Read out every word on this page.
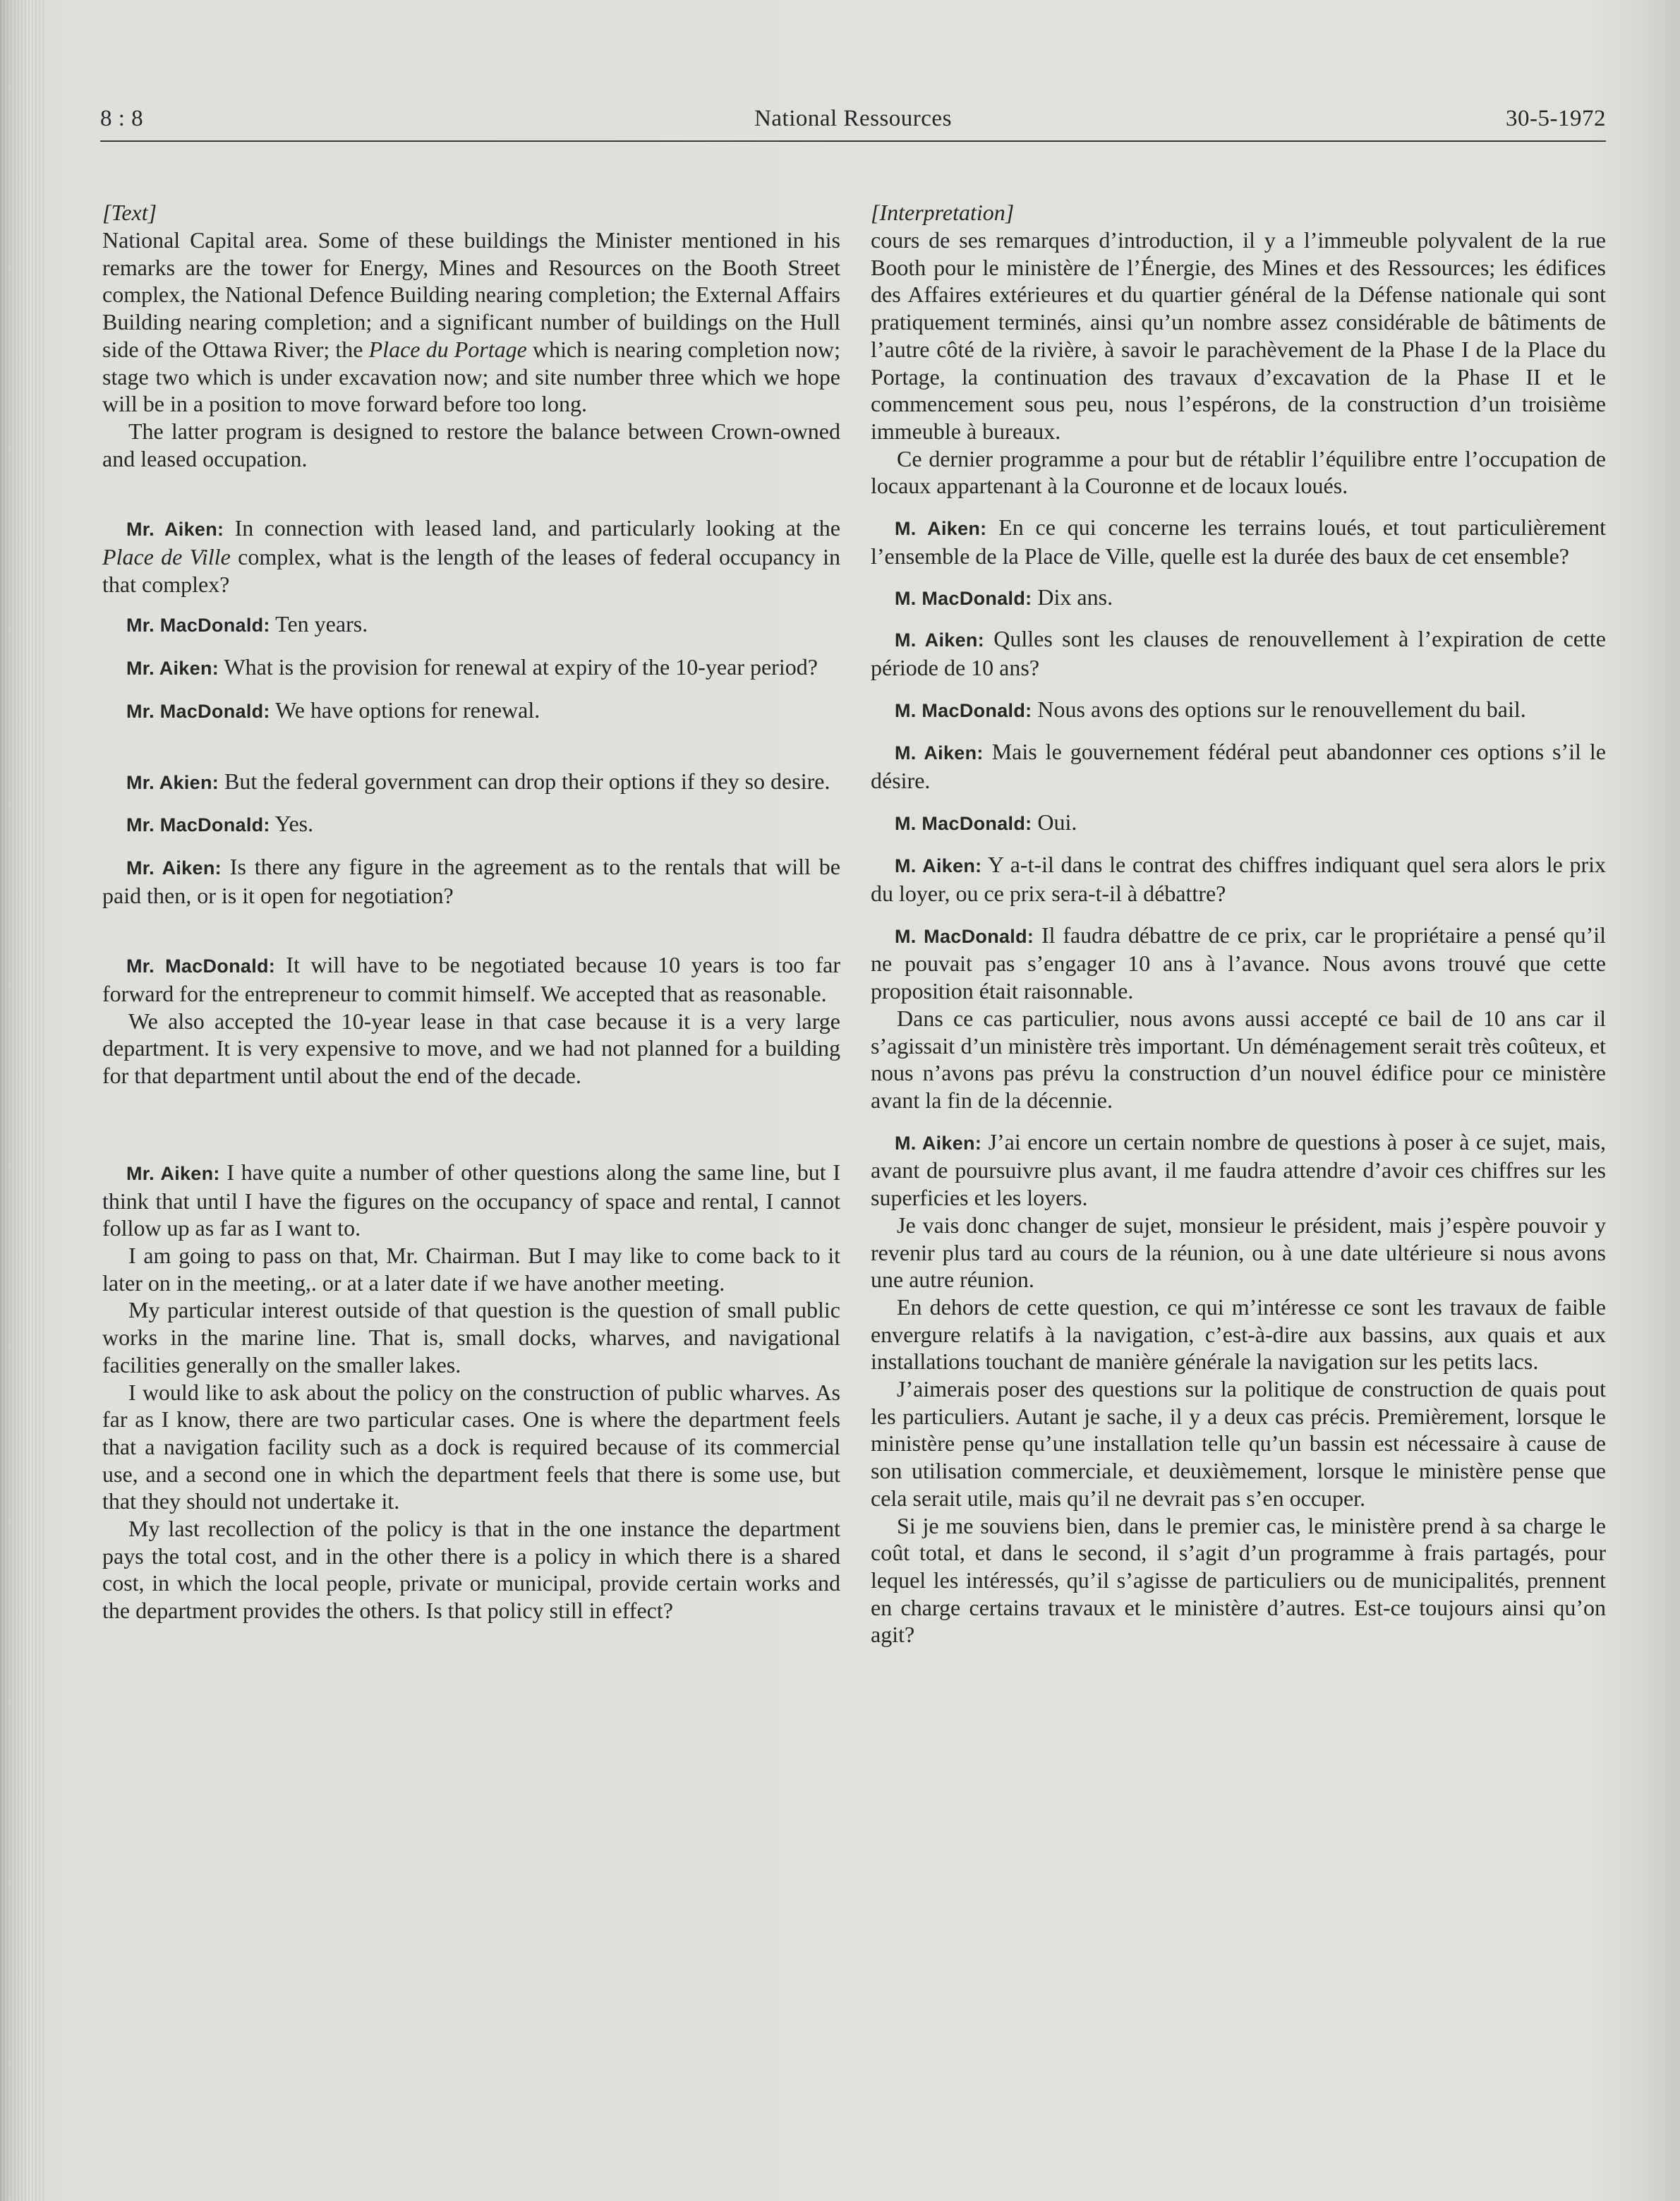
8 : 8	National Ressources	30-5-1972

[Text]

National Capital area. Some of these buildings the Minister mentioned in his remarks are the tower for Energy, Mines and Resources on the Booth Street complex, the National Defence Building nearing completion; the External Affairs Building nearing completion; and a significant number of buildings on the Hull side of the Ottawa River; the Place du Portage which is nearing completion now; stage two which is under excavation now; and site number three which we hope will be in a position to move forward before too long.

The latter program is designed to restore the balance between Crown-owned and leased occupation.

Mr. Aiken: In connection with leased land, and particularly looking at the Place de Ville complex, what is the length of the leases of federal occupancy in that complex?

Mr. MacDonald: Ten years.

Mr. Aiken: What is the provision for renewal at expiry of the 10-year period?

Mr. MacDonald: We have options for renewal.

Mr. Akien: But the federal government can drop their options if they so desire.

Mr. MacDonald: Yes.

Mr. Aiken: Is there any figure in the agreement as to the rentals that will be paid then, or is it open for negotiation?

Mr. MacDonald: It will have to be negotiated because 10 years is too far forward for the entrepreneur to commit himself. We accepted that as reasonable.

We also accepted the 10-year lease in that case because it is a very large department. It is very expensive to move, and we had not planned for a building for that department until about the end of the decade.

Mr. Aiken: I have quite a number of other questions along the same line, but I think that until I have the figures on the occupancy of space and rental, I cannot follow up as far as I want to.

I am going to pass on that, Mr. Chairman. But I may like to come back to it later on in the meeting,. or at a later date if we have another meeting.

My particular interest outside of that question is the question of small public works in the marine line. That is, small docks, wharves, and navigational facilities generally on the smaller lakes.

I would like to ask about the policy on the construction of public wharves. As far as I know, there are two particular cases. One is where the department feels that a navigation facility such as a dock is required because of its commercial use, and a second one in which the department feels that there is some use, but that they should not undertake it.

My last recollection of the policy is that in the one instance the department pays the total cost, and in the other there is a policy in which there is a shared cost, in which the local people, private or municipal, provide certain works and the department provides the others. Is that policy still in effect?

[Interpretation]

cours de ses remarques d’introduction, il y a l’immeuble polyvalent de la rue Booth pour le ministère de l’Énergie, des Mines et des Ressources; les édifices des Affaires extérieures et du quartier général de la Défense nationale qui sont pratiquement terminés, ainsi qu’un nombre assez considérable de bâtiments de l’autre côté de la rivière, à savoir le parachèvement de la Phase I de la Place du Portage, la continuation des travaux d’excavation de la Phase II et le commencement sous peu, nous l’espérons, de la construction d’un troisième immeuble à bureaux.

Ce dernier programme a pour but de rétablir l’équilibre entre l’occupation de locaux appartenant à la Couronne et de locaux loués.

M. Aiken: En ce qui concerne les terrains loués, et tout particulièrement l’ensemble de la Place de Ville, quelle est la durée des baux de cet ensemble?

M. MacDonald: Dix ans.

M. Aiken: Qulles sont les clauses de renouvellement à l’expiration de cette période de 10 ans?

M. MacDonald: Nous avons des options sur le renouvellement du bail.

M. Aiken: Mais le gouvernement fédéral peut abandonner ces options s’il le désire.

M. MacDonald: Oui.

M. Aiken: Y a-t-il dans le contrat des chiffres indiquant quel sera alors le prix du loyer, ou ce prix sera-t-il à débattre?

M. MacDonald: Il faudra débattre de ce prix, car le propriétaire a pensé qu’il ne pouvait pas s’engager 10 ans à l’avance. Nous avons trouvé que cette proposition était raisonnable.

Dans ce cas particulier, nous avons aussi accepté ce bail de 10 ans car il s’agissait d’un ministère très important. Un déménagement serait très coûteux, et nous n’avons pas prévu la construction d’un nouvel édifice pour ce ministère avant la fin de la décennie.

M. Aiken: J’ai encore un certain nombre de questions à poser à ce sujet, mais, avant de poursuivre plus avant, il me faudra attendre d’avoir ces chiffres sur les superficies et les loyers.

Je vais donc changer de sujet, monsieur le président, mais j’espère pouvoir y revenir plus tard au cours de la réunion, ou à une date ultérieure si nous avons une autre réunion.

En dehors de cette question, ce qui m’intéresse ce sont les travaux de faible envergure relatifs à la navigation, c’est-à-dire aux bassins, aux quais et aux installations touchant de manière générale la navigation sur les petits lacs.

J’aimerais poser des questions sur la politique de construction de quais pout les particuliers. Autant je sache, il y a deux cas précis. Premièrement, lorsque le ministère pense qu’une installation telle qu’un bassin est nécessaire à cause de son utilisation commerciale, et deuxièmement, lorsque le ministère pense que cela serait utile, mais qu’il ne devrait pas s’en occuper.

Si je me souviens bien, dans le premier cas, le ministère prend à sa charge le coût total, et dans le second, il s’agit d’un programme à frais partagés, pour lequel les intéressés, qu’il s’agisse de particuliers ou de municipalités, prennent en charge certains travaux et le ministère d’autres. Est-ce toujours ainsi qu’on agit?
